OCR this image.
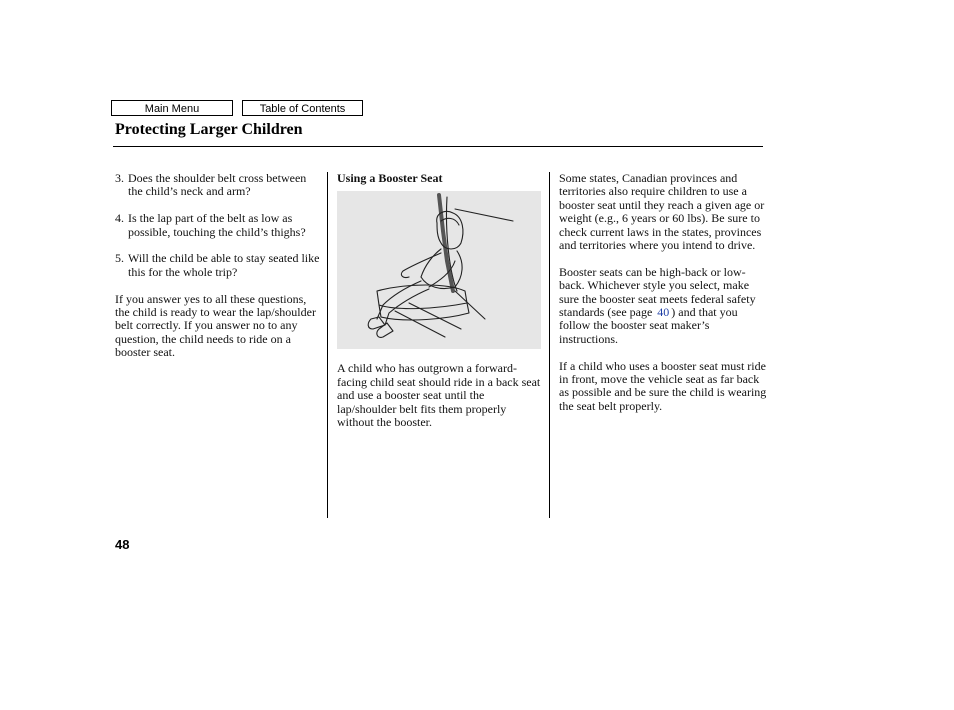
Main Menu	Table of Contents
Protecting Larger Children
3. Does the shoulder belt cross between the child’s neck and arm?
4. Is the lap part of the belt as low as possible, touching the child’s thighs?
5. Will the child be able to stay seated like this for the whole trip?

If you answer yes to all these questions, the child is ready to wear the lap/shoulder belt correctly. If you answer no to any question, the child needs to ride on a booster seat.

Using a Booster Seat

A child who has outgrown a forward-facing child seat should ride in a back seat and use a booster seat until the lap/shoulder belt fits them properly without the booster.

Some states, Canadian provinces and territories also require children to use a booster seat until they reach a given age or weight (e.g., 6 years or 60 lbs). Be sure to check current laws in the states, provinces and territories where you intend to drive.

Booster seats can be high-back or low-back. Whichever style you select, make sure the booster seat meets federal safety standards (see page 40 ) and that you follow the booster seat maker’s instructions.

If a child who uses a booster seat must ride in front, move the vehicle seat as far back as possible and be sure the child is wearing the seat belt properly.

48
